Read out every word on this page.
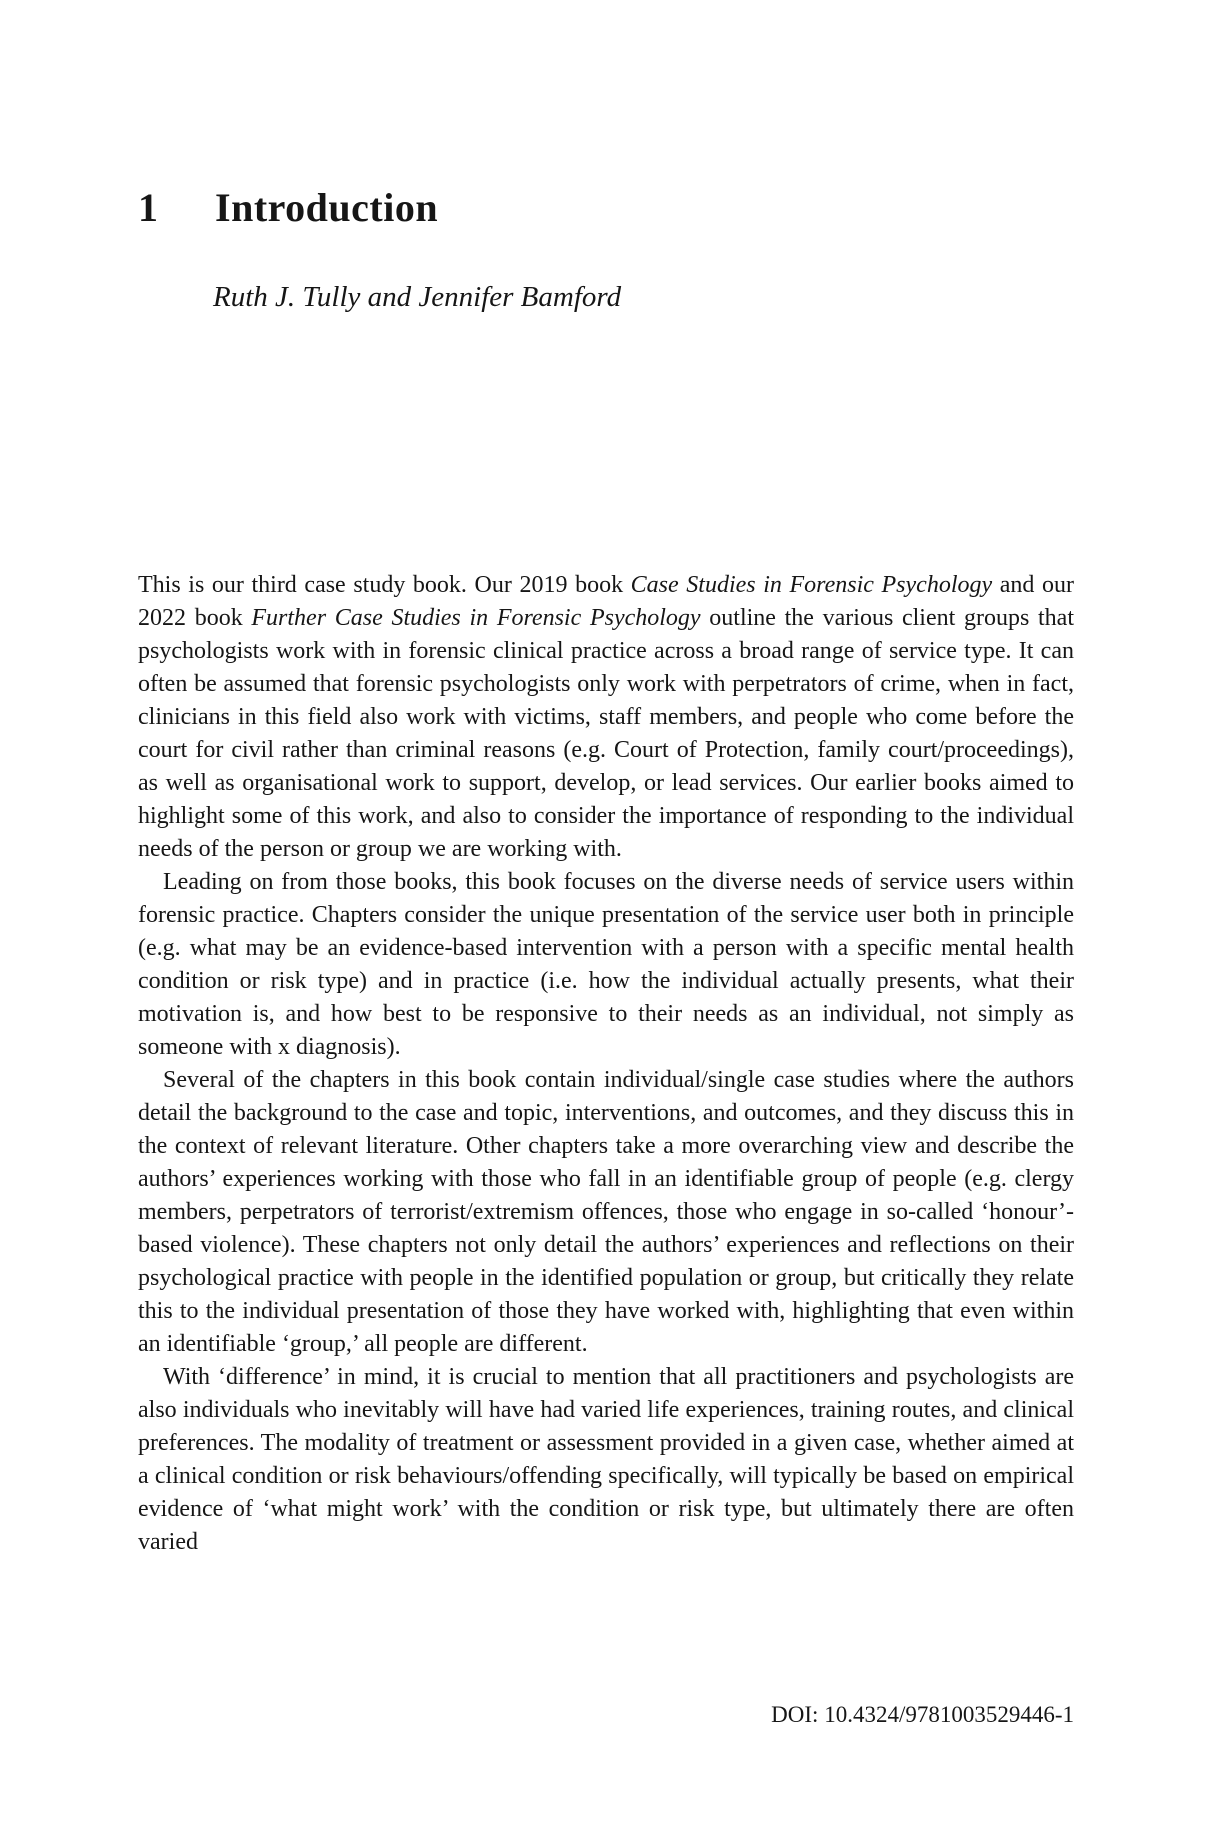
1	Introduction
Ruth J. Tully and Jennifer Bamford

This is our third case study book. Our 2019 book Case Studies in Forensic Psychology and our 2022 book Further Case Studies in Forensic Psychology outline the various client groups that psychologists work with in forensic clinical practice across a broad range of service type. It can often be assumed that forensic psychologists only work with perpetrators of crime, when in fact, clinicians in this field also work with victims, staff members, and people who come before the court for civil rather than criminal reasons (e.g. Court of Protection, family court/proceedings), as well as organisational work to support, develop, or lead services. Our earlier books aimed to highlight some of this work, and also to consider the importance of responding to the individual needs of the person or group we are working with.

Leading on from those books, this book focuses on the diverse needs of service users within forensic practice. Chapters consider the unique presentation of the service user both in principle (e.g. what may be an evidence-based intervention with a person with a specific mental health condition or risk type) and in practice (i.e. how the individual actually presents, what their motivation is, and how best to be responsive to their needs as an individual, not simply as someone with x diagnosis).

Several of the chapters in this book contain individual/single case studies where the authors detail the background to the case and topic, interventions, and outcomes, and they discuss this in the context of relevant literature. Other chapters take a more overarching view and describe the authors’ experiences working with those who fall in an identifiable group of people (e.g. clergy members, perpetrators of terrorist/extremism offences, those who engage in so-called ‘honour’-based violence). These chapters not only detail the authors’ experiences and reflections on their psychological practice with people in the identified population or group, but critically they relate this to the individual presentation of those they have worked with, highlighting that even within an identifiable ‘group,’ all people are different.

With ‘difference’ in mind, it is crucial to mention that all practitioners and psychologists are also individuals who inevitably will have had varied life experiences, training routes, and clinical preferences. The modality of treatment or assessment provided in a given case, whether aimed at a clinical condition or risk behaviours/offending specifically, will typically be based on empirical evidence of ‘what might work’ with the condition or risk type, but ultimately there are often varied

DOI: 10.4324/9781003529446-1
